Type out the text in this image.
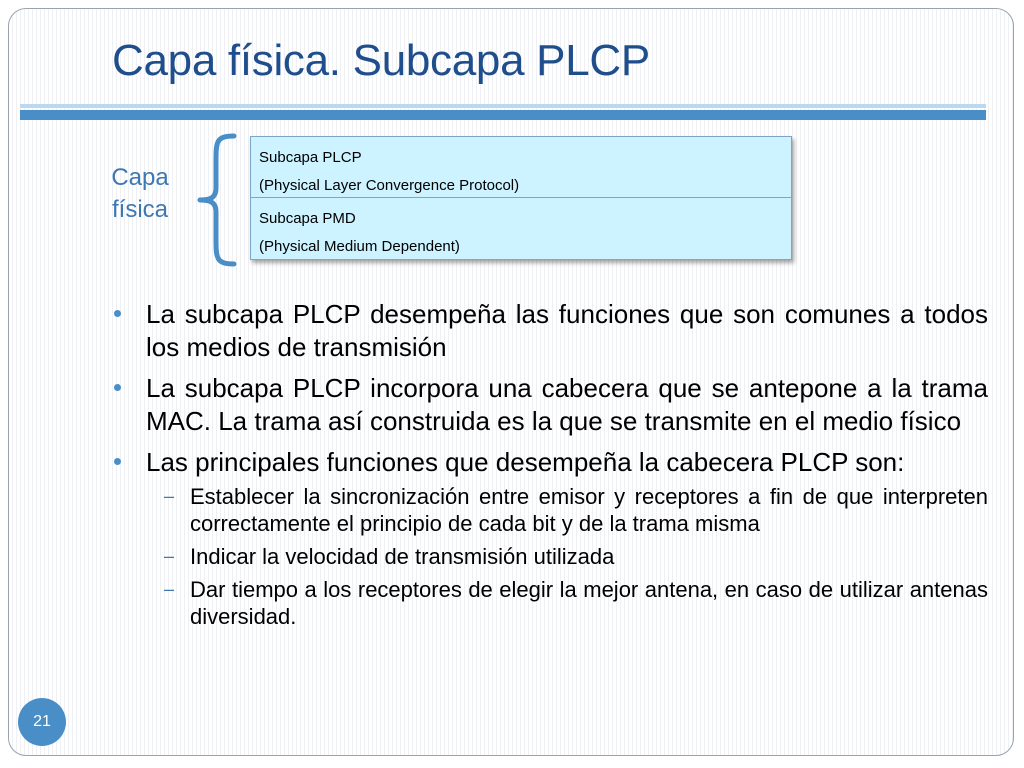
Capa física. Subcapa PLCP
Capa
física
Subcapa PLCP
(Physical Layer Convergence Protocol)
Subcapa PMD
(Physical Medium Dependent)
La subcapa PLCP desempeña las funciones que son comunes a todos los medios de transmisión
La subcapa PLCP incorpora una cabecera que se antepone a la trama MAC. La trama así construida es la que se transmite en el medio físico
Las principales funciones que desempeña la cabecera PLCP son:
– Establecer la sincronización entre emisor y receptores a fin de que interpreten correctamente el principio de cada bit y de la trama misma
– Indicar la velocidad de transmisión utilizada
– Dar tiempo a los receptores de elegir la mejor antena, en caso de utilizar antenas diversidad.
21
